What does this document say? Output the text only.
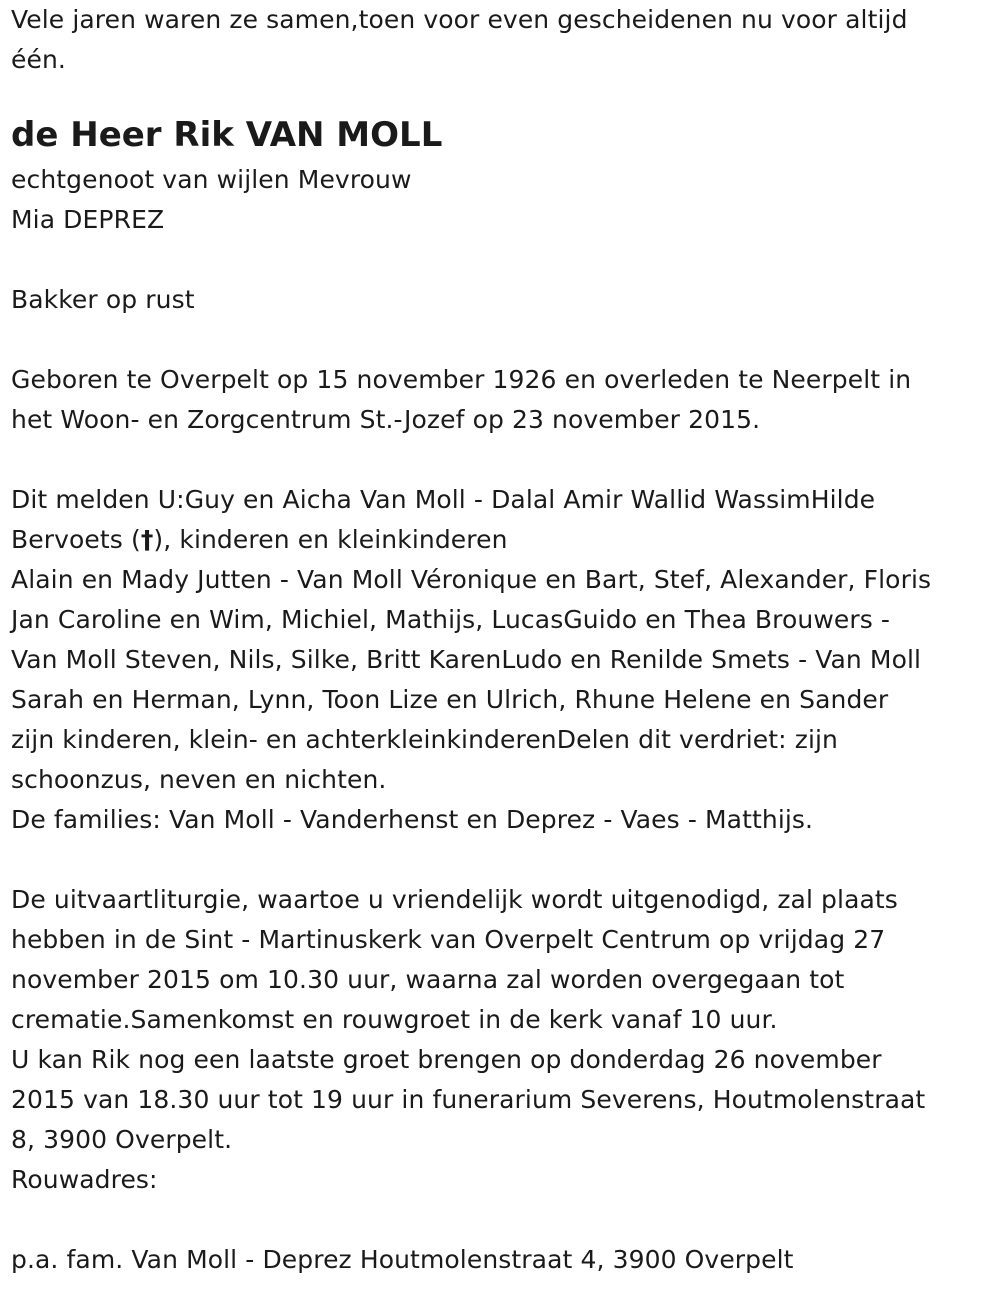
Vele jaren waren ze samen,toen voor even gescheidenen nu voor altijd
één.
de Heer Rik VAN MOLL
echtgenoot van wijlen Mevrouw
Mia DEPREZ
Bakker op rust
Geboren te Overpelt op 15 november 1926 en overleden te Neerpelt in
het Woon- en Zorgcentrum St.-Jozef op 23 november 2015.
Dit melden U:Guy en Aicha Van Moll - Dalal Amir Wallid WassimHilde
Bervoets (†), kinderen en kleinkinderen
Alain en Mady Jutten - Van Moll Véronique en Bart, Stef, Alexander, Floris
Jan Caroline en Wim, Michiel, Mathijs, LucasGuido en Thea Brouwers -
Van Moll Steven, Nils, Silke, Britt KarenLudo en Renilde Smets - Van Moll
Sarah en Herman, Lynn, Toon Lize en Ulrich, Rhune Helene en Sander
zijn kinderen, klein- en achterkleinkinderenDelen dit verdriet: zijn
schoonzus, neven en nichten.
De families: Van Moll - Vanderhenst en Deprez - Vaes - Matthijs.
De uitvaartliturgie, waartoe u vriendelijk wordt uitgenodigd, zal plaats
hebben in de Sint - Martinuskerk van Overpelt Centrum op vrijdag 27
november 2015 om 10.30 uur, waarna zal worden overgegaan tot
crematie.Samenkomst en rouwgroet in de kerk vanaf 10 uur.
U kan Rik nog een laatste groet brengen op donderdag 26 november
2015 van 18.30 uur tot 19 uur in funerarium Severens, Houtmolenstraat
8, 3900 Overpelt.
Rouwadres:
p.a. fam. Van Moll - Deprez Houtmolenstraat 4, 3900 Overpelt
